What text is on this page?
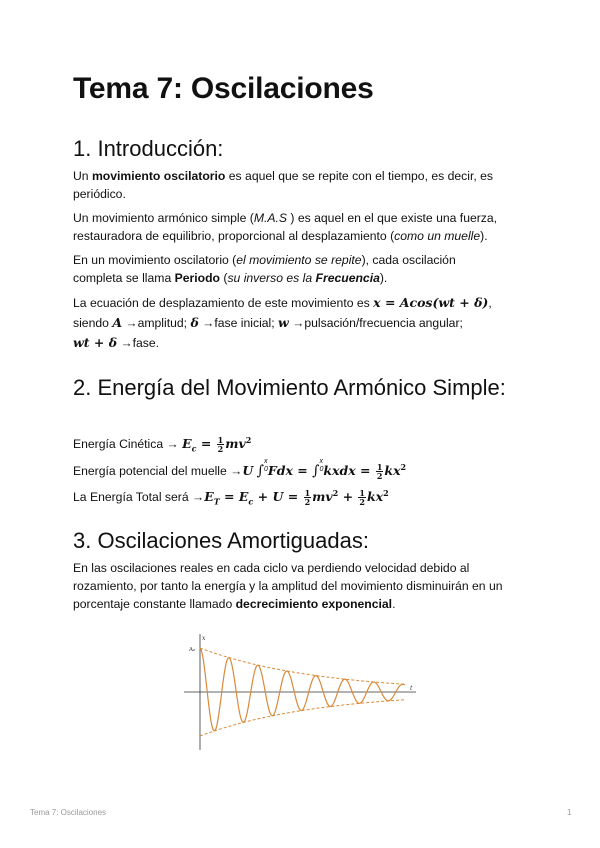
Tema 7: Oscilaciones
1. Introducción:

Un movimiento oscilatorio es aquel que se repite con el tiempo, es decir, es
periódico.

Un movimiento armónico simple (M.A.S ) es aquel en el que existe una fuerza,
restauradora de equilibrio, proporcional al desplazamiento (como un muelle).

En un movimiento oscilatorio (el movimiento se repite), cada oscilación
completa se llama Periodo (su inverso es la Frecuencia).

La ecuación de desplazamiento de este movimiento es x = Acos(wt + δ),
siendo A →amplitud; δ →fase inicial; w →pulsación/frecuencia angular;
wt + δ →fase.

2. Energía del Movimiento Armónico Simple:

Energía Cinética → $E_c = \frac{1}{2} mv^2$

Energía potencial del muelle →U ∫x
0Fdx = ∫x
0kxdx = $\frac{1}{2} kx^2$

La Energía Total será $\to E_T = E_c + U = \frac{1}{2} mv^2 + \frac{1}{2} kx^2$

3. Oscilaciones Amortiguadas:

En las oscilaciones reales en cada ciclo va perdiendo velocidad debido al
rozamiento, por tanto la energía y la amplitud del movimiento disminuirán en un
porcentaje constante llamado decrecimiento exponencial.

x
t
A₀
Tema 7: Oscilaciones	1
